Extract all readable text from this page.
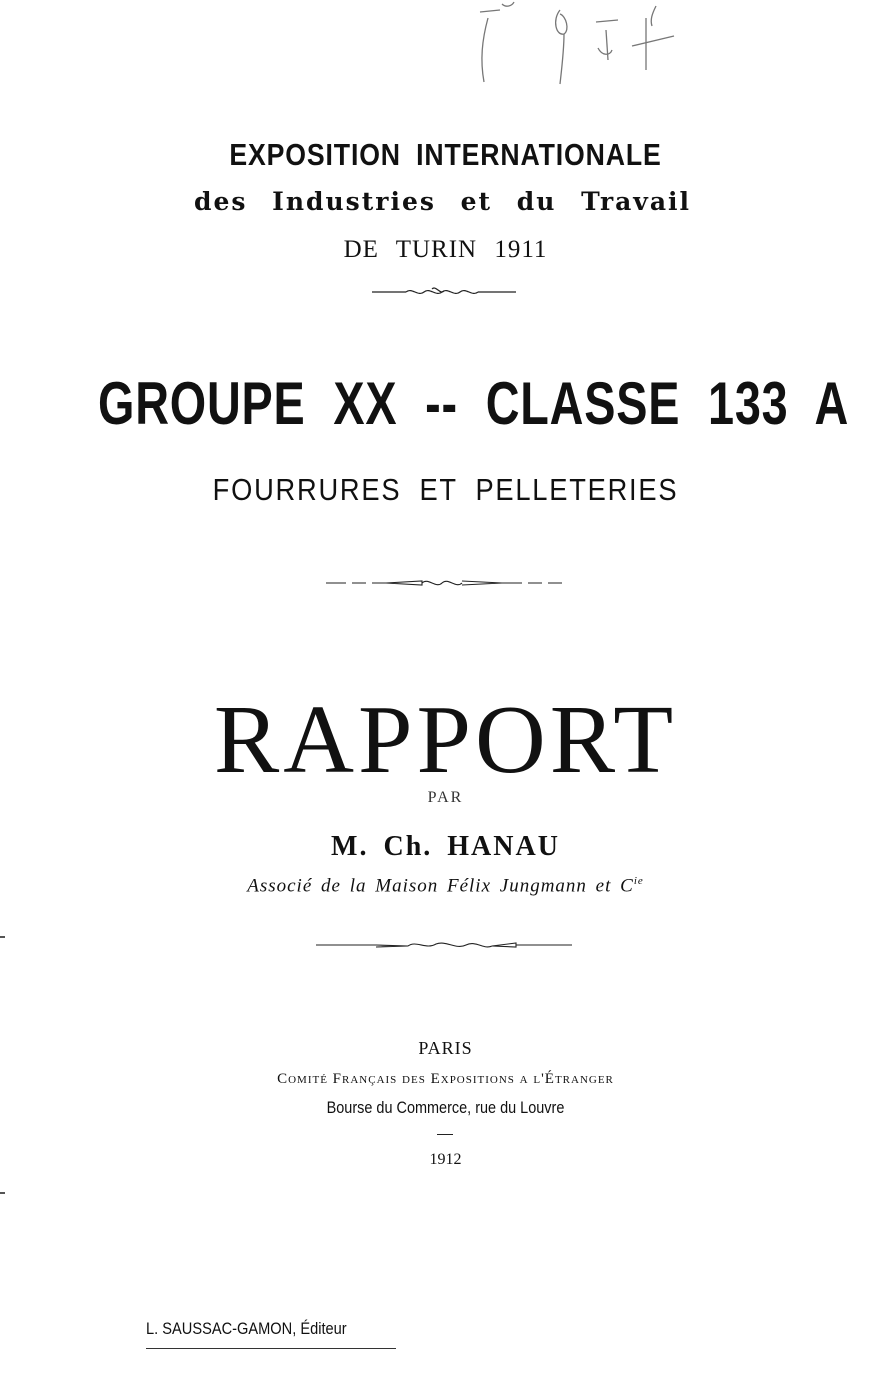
EXPOSITION INTERNATIONALE
des Industries et du Travail
DE TURIN 1911
GROUPE XX -- CLASSE 133 A
FOURRURES ET PELLETERIES
RAPPORT
PAR
M. Ch. HANAU
Associé de la Maison Félix Jungmann et $C^{ie}$
PARIS
Comité Français des Expositions a l'Étranger
Bourse du Commerce, rue du Louvre
1912
L. SAUSSAC-GAMON, Éditeur
